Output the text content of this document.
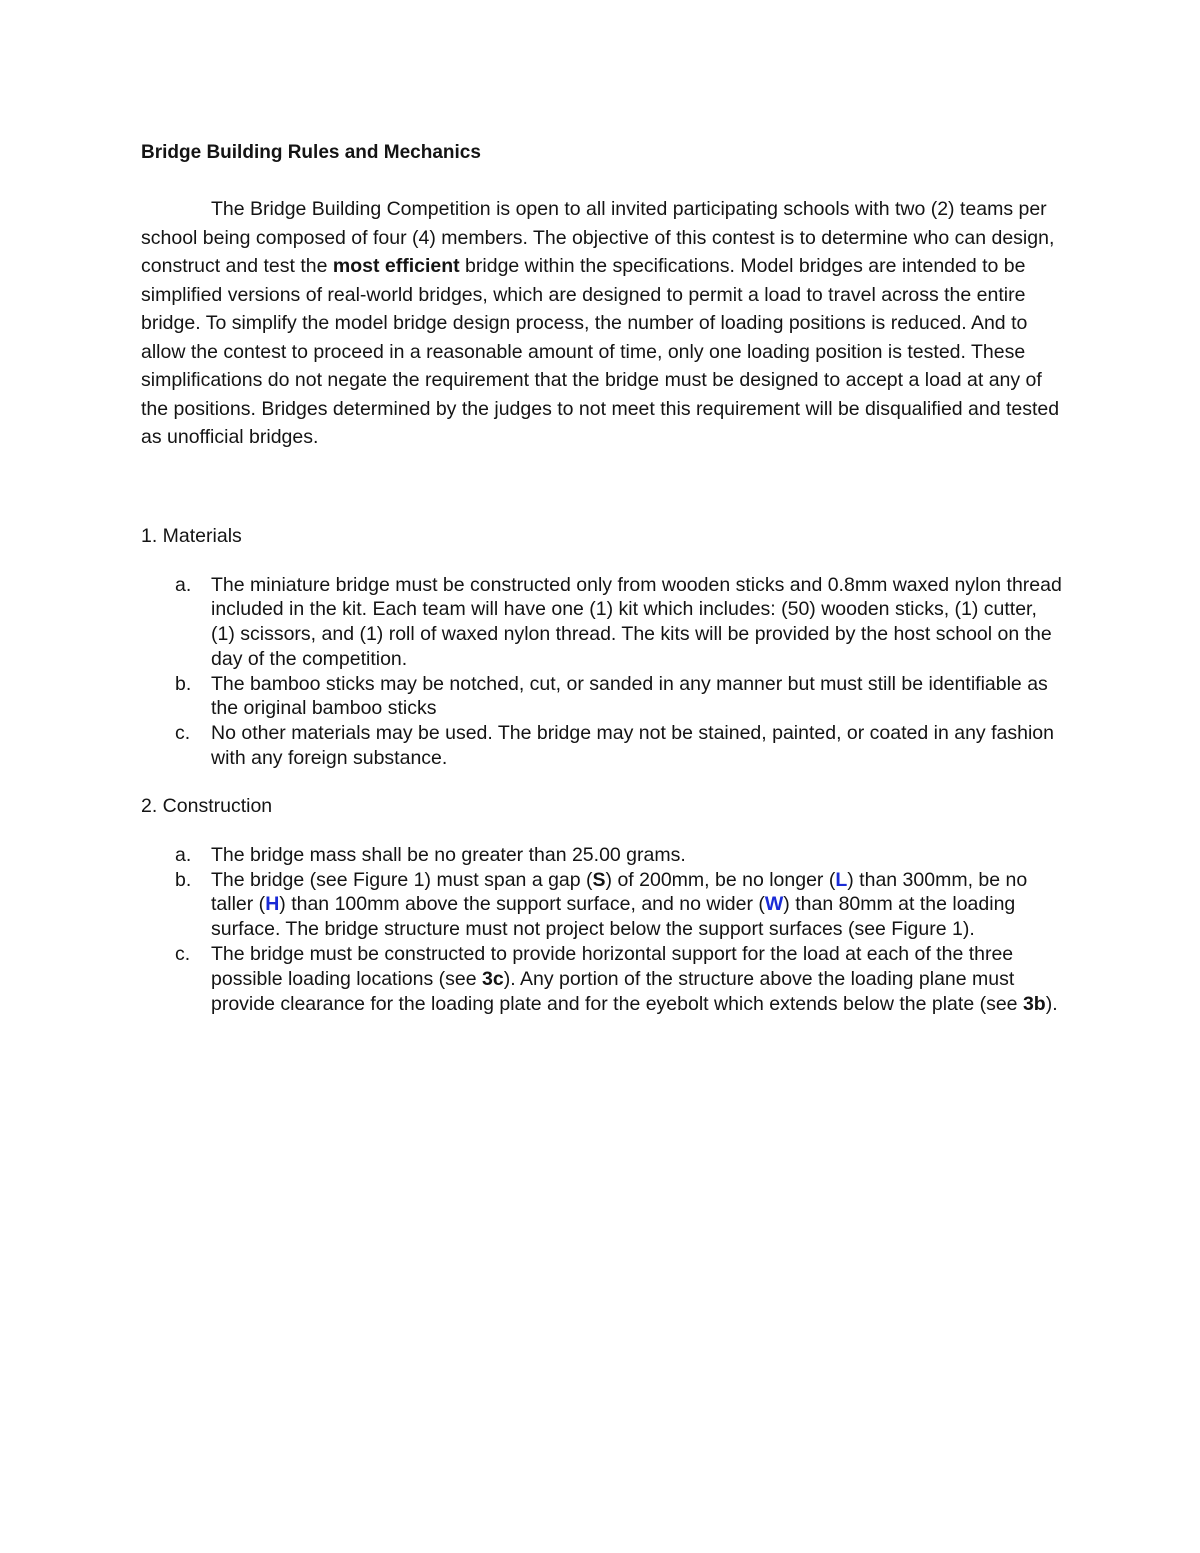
Bridge Building Rules and Mechanics

The Bridge Building Competition is open to all invited participating schools with two (2) teams per school being composed of four (4) members. The objective of this contest is to determine who can design, construct and test the most efficient bridge within the specifications. Model bridges are intended to be simplified versions of real-world bridges, which are designed to permit a load to travel across the entire bridge. To simplify the model bridge design process, the number of loading positions is reduced. And to allow the contest to proceed in a reasonable amount of time, only one loading position is tested. These simplifications do not negate the requirement that the bridge must be designed to accept a load at any of the positions. Bridges determined by the judges to not meet this requirement will be disqualified and tested as unofficial bridges.

1. Materials
a. The miniature bridge must be constructed only from wooden sticks and 0.8mm waxed nylon thread included in the kit. Each team will have one (1) kit which includes: (50) wooden sticks, (1) cutter, (1) scissors, and (1) roll of waxed nylon thread. The kits will be provided by the host school on the day of the competition.
b. The bamboo sticks may be notched, cut, or sanded in any manner but must still be identifiable as the original bamboo sticks
c. No other materials may be used. The bridge may not be stained, painted, or coated in any fashion with any foreign substance.
2. Construction
a. The bridge mass shall be no greater than 25.00 grams.
b. The bridge (see Figure 1) must span a gap (S) of 200mm, be no longer (L) than 300mm, be no taller (H) than 100mm above the support surface, and no wider (W) than 80mm at the loading surface. The bridge structure must not project below the support surfaces (see Figure 1).
c. The bridge must be constructed to provide horizontal support for the load at each of the three possible loading locations (see 3c). Any portion of the structure above the loading plane must provide clearance for the loading plate and for the eyebolt which extends below the plate (see 3b).
